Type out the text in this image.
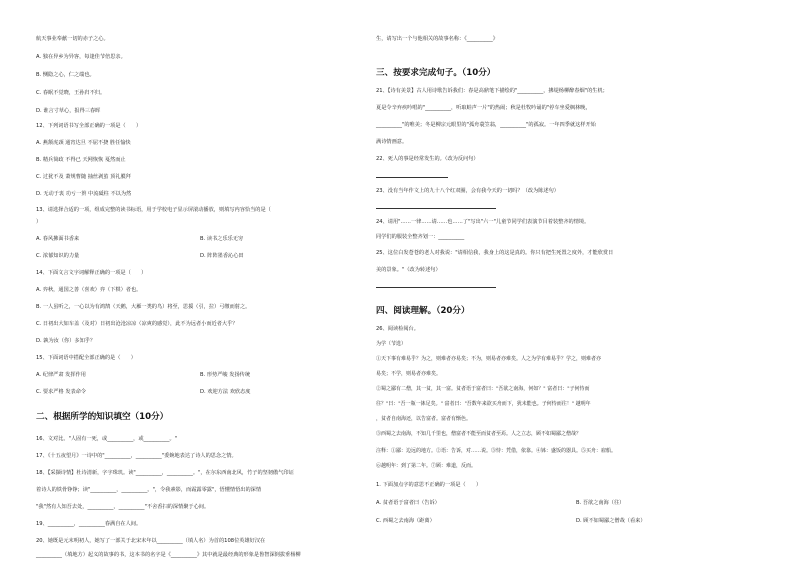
航天事业奉献一切的赤子之心。
A. 独在异乡为异客，每逢佳节倍思亲。
B. 恻隐之心，仁之端也。
C. 春眠不觉晓，王孙归不归。
D. 谁言寸草心，报得三春晖
12、下列词语书写全部正确的一项是（　　）
A. 燕颔虎颈 通宵达旦 不屈不挠 胜任愉快
B. 精兵简政 不得已 天网恢恢 戛然而止
C. 过犹不及 萧规曹随 抽丝剥茧 顶礼膜拜
D. 无动于衷 功亏一篑 中流砥柱 不以为然
13、请选择合适的一项，组成完整的读书标语，用于学校电子显示屏滚动播放，则填写内容恰当的是（
）
A. 春风拂面书香来	B. 读书之乐乐无穷
C. 浓郁知识的力量	D. 阵阵墨香沁心田
14、下面文言文字词解释正确的一项是（　　）
A. 弈秋，通国之善（喜欢）弈（下棋）者也。
B. 一人虽听之，一心以为有鸿鹄（天鹅，大雁一类的鸟）将至，思援（引，拉）弓缴而射之。
C. 日初出大如车盖（及对）日初出沧沧凉凉（凉爽的感觉），此不为远者小而近者大乎？
D. 孰为汝（你）多知乎？
15、下面词语中搭配全部正确的是（　　）
A. 纪律严肃 发挥作用	B. 形势严峻 发扬传统
C. 要求严格 发表命令	D. 欢迎方法 欢欣态度
二、根据所学的知识填空（10分）
16、文对比。"人固有一死，或__________，或__________。"
17、《十五夜望月》一诗中的"__________，__________"委婉地表达了诗人的思念之情。
18、【采撷诗情】杜诗清新，字字珠玑。读"__________，__________。"，在尔东西南北风，竹子的坚韧傲气印证
着诗人的铁骨铮铮；读"__________，__________。"，令我素影，而霜露零露"，悟懂情悟出的深情
"我"然有人知吾去处，__________，__________"不舍香扫的深情聚于心间。
19、__________，__________春满自在人间。
20、她既是元末明初人，她写了一部关于北宋末年以__________（填人名）为首的108位英雄好汉在
__________（填地方）起义的故事的书，这本书的名字是《__________》其中就是最经典的形象是鲁智深倒拔垂杨柳
生，请写出一个与他相关的故事名称：《__________》
三、按要求完成句子。（10分）
21、【诗有美景】古人用诗歌告诉我们：春是高鼎笔下描绘的"__________，拂堤杨柳醉春烟"的生机；
夏是令辛弃疾吟唱的"__________，听取蛙声一片"的热闹；秋是杜牧吟诵的"停车坐爱枫林晚，
__________"的唯美；冬是柳宗元眼里的"孤舟蓑笠翁，__________"的孤寂。一年四季就这样开始
满诗情画意。
22、死人的事是经常发生的。（改为反问句）
23、没有当年作文上的九十八个红双圈，会有我今天的一切吗？（改为陈述句）
24、请用"……一律……请……也……了"写出"六一"儿童节同学们表演节目着装整齐的情境。
同学们的服装全整齐划一：__________
25、这位白发苍苍的老人对我说："请相信我，我身上的这是真的。你只有把生死置之度外，才能欣赏日
美的景象。"（改为转述句）
四、阅读理解。（20分）
26、阅读检阅台。
为学（节选）
①天下事有难易乎？为之，则难者亦易矣；不为，则易者亦难矣。人之为学有难易乎？学之，则难者亦
易矣；不学，则易者亦难矣。
②蜀之鄙有二僧，其一贫，其一富。贫者语于富者曰："吾欲之南海，何如？" 富者曰："子何恃而
往？"曰："吾一瓶一钵足矣。" 富者曰："吾数年来欲买舟而下，犹未能也。子何恃而往！" 越明年
，贫者自南海还，以告富者。富者有惭色。
③西蜀之去南海，不知几千里也，僧富者不能至而贫者至焉。人之立志，顾不如蜀鄙之僧哉？
注释：①鄙：边远的地方。②语：告诉，对……说。③恃：凭借，依靠。④钵：盛饭的器具。⑤买舟：雇船。
⑥越明年：到了第二年。⑦顾：难道，反而。
1. 下面加点字的意思不正确的一项是（　　）
A. 贫者语于富者曰（告诉）	B. 吾欲之南海（往）
C. 西蜀之去南海（距离）	D. 顾不如蜀鄙之僧哉（看来）
